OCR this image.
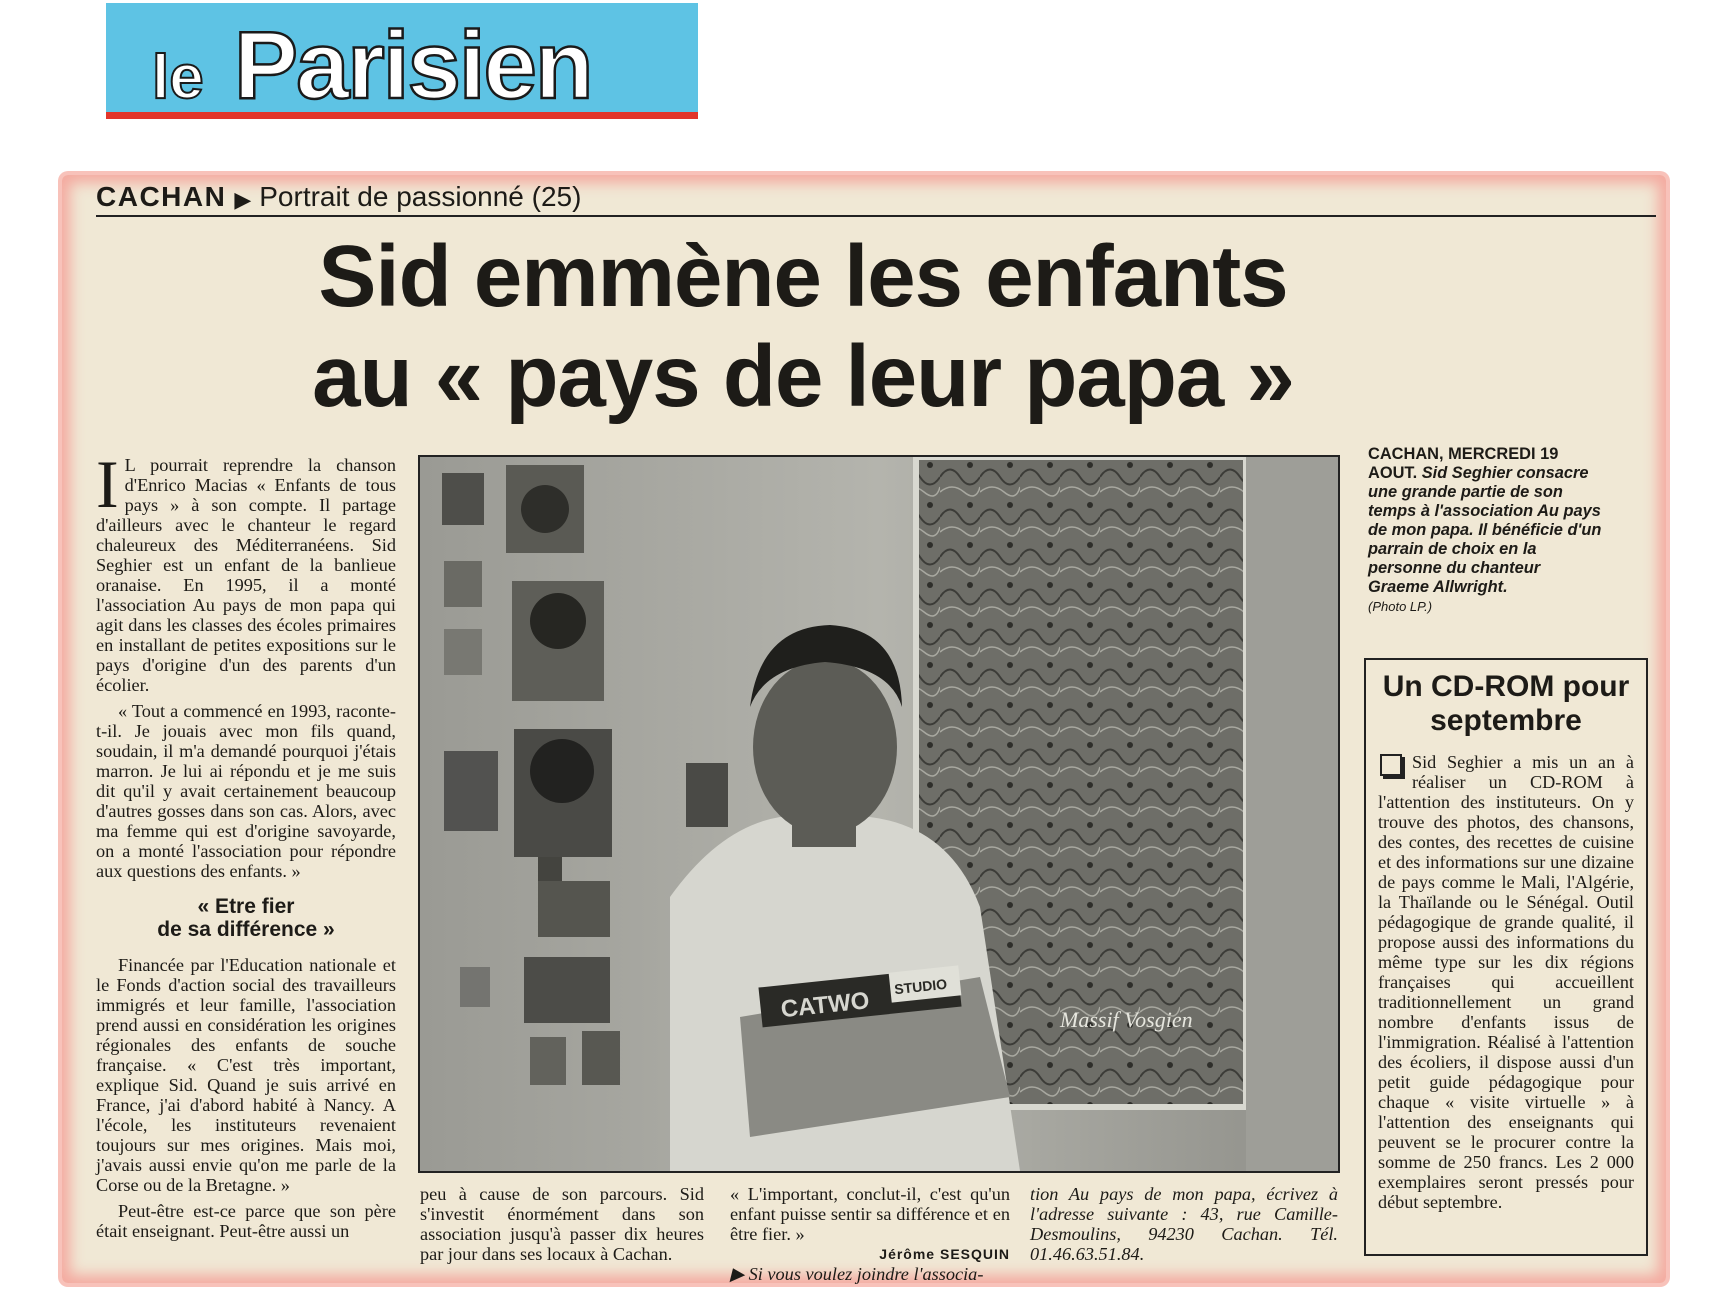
le Parisien
CACHAN ▶ Portrait de passionné (25)
Sid emmène les enfants
au « pays de leur papa »

I L pourrait reprendre la chanson d'Enrico Macias « Enfants de tous pays » à son compte. Il partage d'ailleurs avec le chanteur le regard chaleureux des Méditerranéens. Sid Seghier est un enfant de la banlieue oranaise. En 1995, il a monté l'association Au pays de mon papa qui agit dans les classes des écoles primaires en installant de petites expositions sur le pays d'origine d'un des parents d'un écolier.

« Tout a commencé en 1993, raconte-t-il. Je jouais avec mon fils quand, soudain, il m'a demandé pourquoi j'étais marron. Je lui ai répondu et je me suis dit qu'il y avait certainement beaucoup d'autres gosses dans son cas. Alors, avec ma femme qui est d'origine savoyarde, on a monté l'association pour répondre aux questions des enfants. »

« Etre fier
de sa différence »

Financée par l'Education nationale et le Fonds d'action social des travailleurs immigrés et leur famille, l'association prend aussi en considération les origines régionales des enfants de souche française. « C'est très important, explique Sid. Quand je suis arrivé en France, j'ai d'abord habité à Nancy. A l'école, les instituteurs revenaient toujours sur mes origines. Mais moi, j'avais aussi envie qu'on me parle de la Corse ou de la Bretagne. »

Peut-être est-ce parce que son père était enseignant. Peut-être aussi un

Massif Vosgien
CATWO
STUDIO
CACHAN, MERCREDI 19 AOUT. Sid Seghier consacre une grande partie de son temps à l'association Au pays de mon papa. Il bénéficie d'un parrain de choix en la personne du chanteur Graeme Allwright.
(Photo LP.)
Un CD-ROM pour septembre
Sid Seghier a mis un an à réaliser un CD-ROM à l'attention des instituteurs. On y trouve des photos, des chansons, des contes, des recettes de cuisine et des informations sur une dizaine de pays comme le Mali, l'Algérie, la Thaïlande ou le Sénégal. Outil pédagogique de grande qualité, il propose aussi des informations du même type sur les dix régions françaises qui accueillent traditionnellement un grand nombre d'enfants issus de l'immigration. Réalisé à l'attention des écoliers, il dispose aussi d'un petit guide pédagogique pour chaque « visite virtuelle » à l'attention des enseignants qui peuvent se le procurer contre la somme de 250 francs. Les 2 000 exemplaires seront pressés pour début septembre.
peu à cause de son parcours. Sid s'investit énormément dans son association jusqu'à passer dix heures par jour dans ses locaux à Cachan.
« L'important, conclut-il, c'est qu'un enfant puisse sentir sa différence et en être fier. »
Jérôme SESQUIN
▶ Si vous voulez joindre l'associa-
tion Au pays de mon papa, écrivez à l'adresse suivante : 43, rue Camille-Desmoulins, 94230 Cachan. Tél. 01.46.63.51.84.
